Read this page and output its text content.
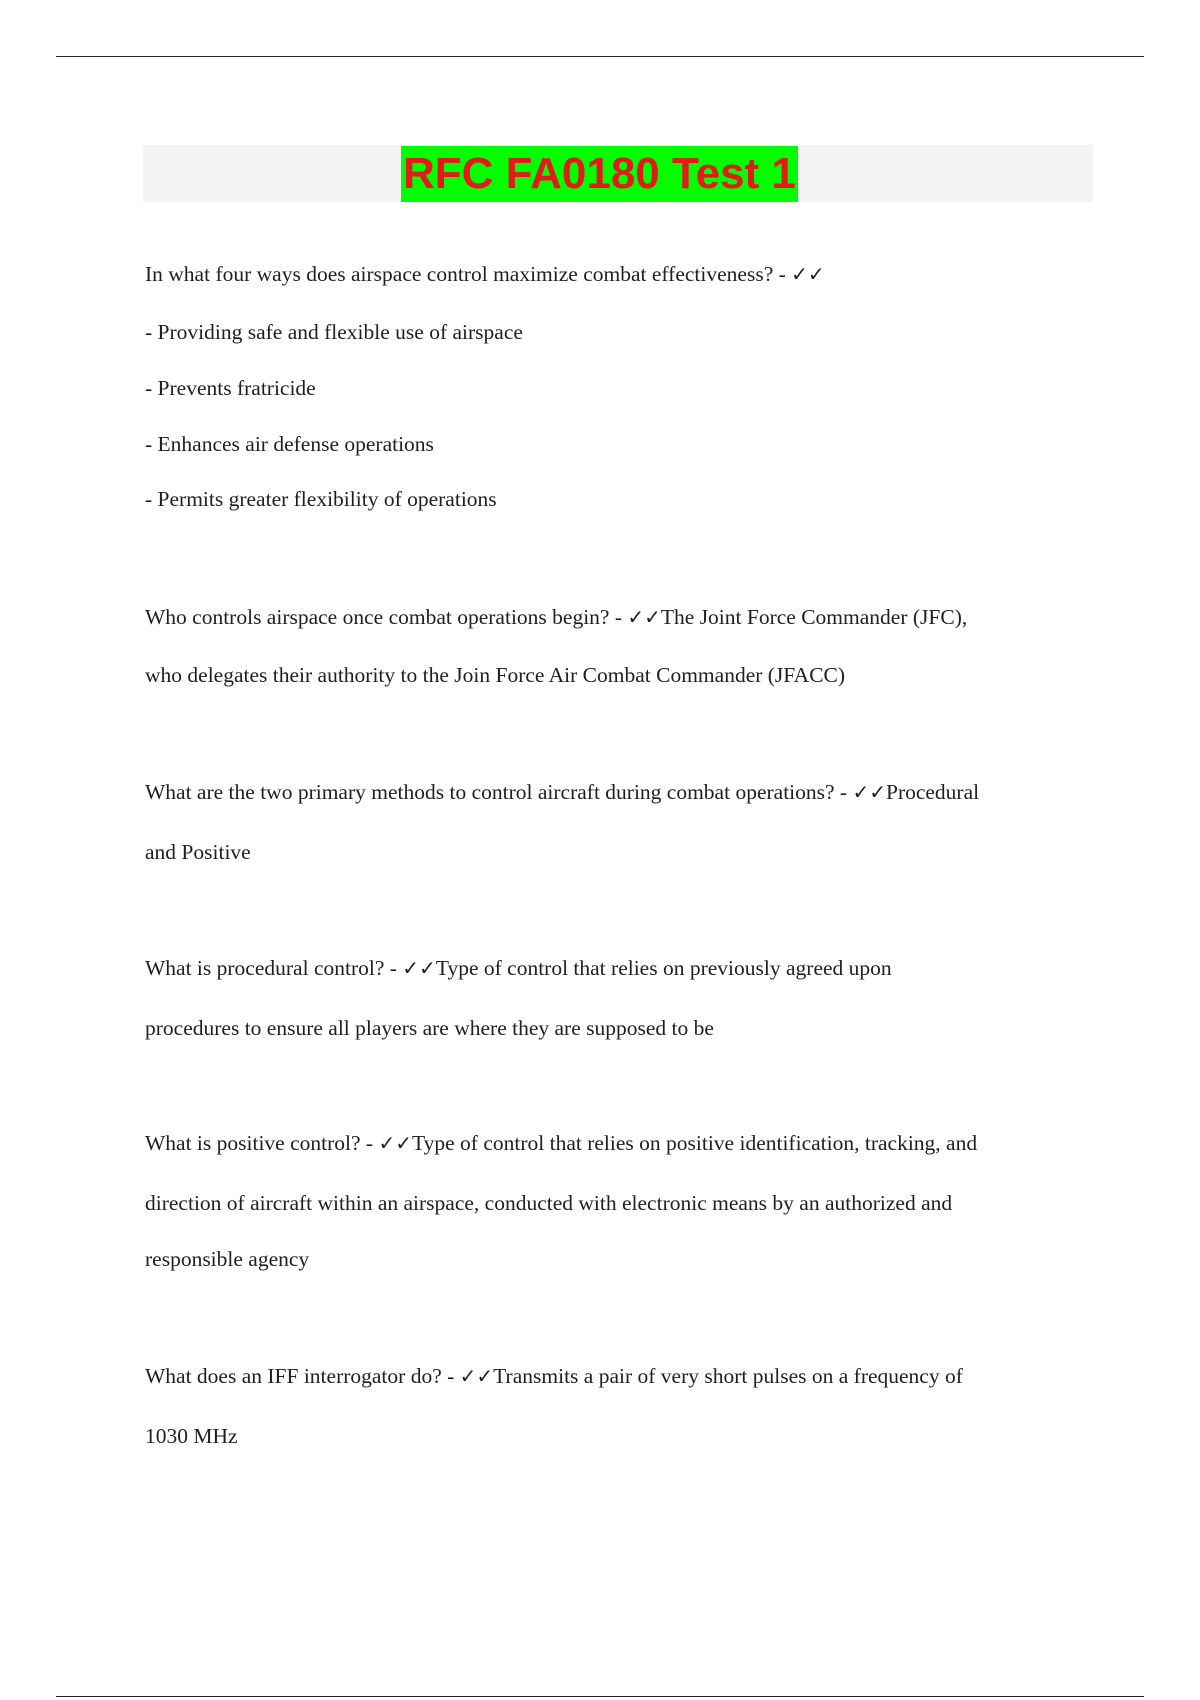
RFC FA0180 Test 1
In what four ways does airspace control maximize combat effectiveness? - ✓✓
- Providing safe and flexible use of airspace
- Prevents fratricide
- Enhances air defense operations
- Permits greater flexibility of operations
Who controls airspace once combat operations begin? - ✓✓The Joint Force Commander (JFC),
who delegates their authority to the Join Force Air Combat Commander (JFACC)
What are the two primary methods to control aircraft during combat operations? - ✓✓Procedural
and Positive
What is procedural control? - ✓✓Type of control that relies on previously agreed upon
procedures to ensure all players are where they are supposed to be
What is positive control? - ✓✓Type of control that relies on positive identification, tracking, and
direction of aircraft within an airspace, conducted with electronic means by an authorized and
responsible agency
What does an IFF interrogator do? - ✓✓Transmits a pair of very short pulses on a frequency of
1030 MHz
